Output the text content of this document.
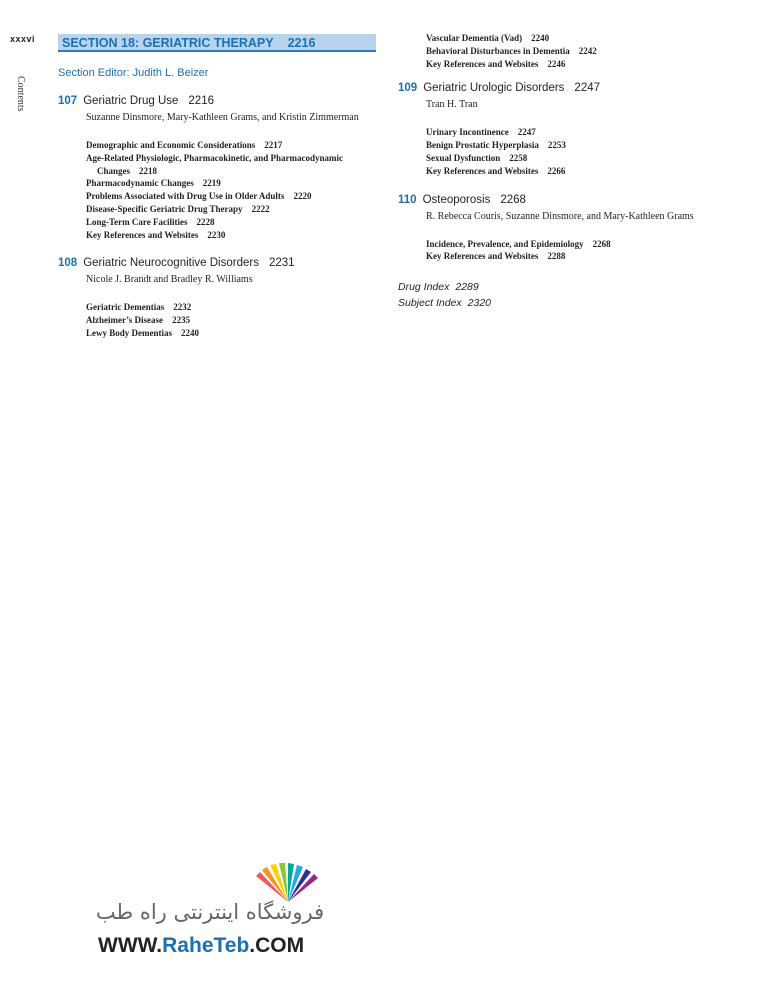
xxxvi
Contents
SECTION 18: GERIATRIC THERAPY 2216
Section Editor: Judith L. Beizer
107 Geriatric Drug Use 2216
Suzanne Dinsmore, Mary-Kathleen Grams, and Kristin Zimmerman
Demographic and Economic Considerations 2217
Age-Related Physiologic, Pharmacokinetic, and Pharmacodynamic Changes 2218
Pharmacodynamic Changes 2219
Problems Associated with Drug Use in Older Adults 2220
Disease-Specific Geriatric Drug Therapy 2222
Long-Term Care Facilities 2228
Key References and Websites 2230
108 Geriatric Neurocognitive Disorders 2231
Nicole J. Brandt and Bradley R. Williams
Geriatric Dementias 2232
Alzheimer’s Disease 2235
Lewy Body Dementias 2240
Vascular Dementia (Vad) 2240
Behavioral Disturbances in Dementia 2242
Key References and Websites 2246
109 Geriatric Urologic Disorders 2247
Tran H. Tran
Urinary Incontinence 2247
Benign Prostatic Hyperplasia 2253
Sexual Dysfunction 2258
Key References and Websites 2266
110 Osteoporosis 2268
R. Rebecca Couris, Suzanne Dinsmore, and Mary-Kathleen Grams
Incidence, Prevalence, and Epidemiology 2268
Key References and Websites 2288
Drug Index 2289
Subject Index 2320
فروشگاه اینترنتی راه طب
WWW.RaheTeb.COM
